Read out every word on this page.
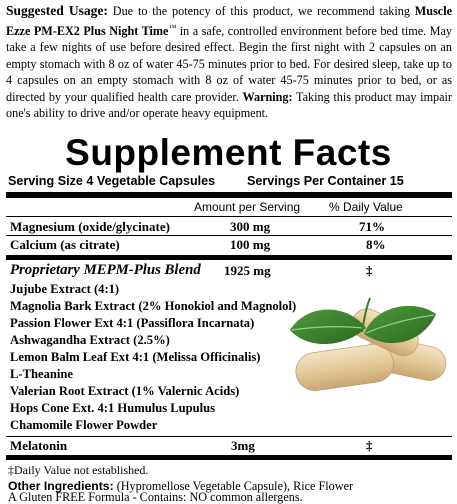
Suggested Usage: Due to the potency of this product, we recommend taking Muscle Ezze PM-EX2 Plus Night Time™ in a safe, controlled environment before bed time. May take a few nights of use before desired effect. Begin the first night with 2 capsules on an empty stomach with 8 oz of water 45-75 minutes prior to bed. For desired sleep, take up to 4 capsules on an empty stomach with 8 oz of water 45-75 minutes prior to bed, or as directed by your qualified health care provider. Warning: Taking this product may impair one's ability to drive and/or operate heavy equipment.
Supplement Facts
Serving Size 4 Vegetable Capsules	Servings Per Container 15
Amount per Serving % Daily Value
Magnesium (oxide/glycinate)	300 mg	71%
Calcium (as citrate)	100 mg	8%
Proprietary MEPM-Plus Blend 1925 mg	‡
Jujube Extract (4:1)
Magnolia Bark Extract (2% Honokiol and Magnolol)
Passion Flower Ext 4:1 (Passiflora Incarnata)
Ashwagandha Extract (2.5%)
Lemon Balm Leaf Ext 4:1 (Melissa Officinalis)
L-Theanine
Valerian Root Extract (1% Valernic Acids)
Hops Cone Ext. 4:1 Humulus Lupulus
Chamomile Flower Powder
Melatonin	3mg	‡
‡Daily Value not established.
Other Ingredients: (Hypromellose Vegetable Capsule), Rice Flower
A Gluten FREE Formula - Contains: NO common allergens.
